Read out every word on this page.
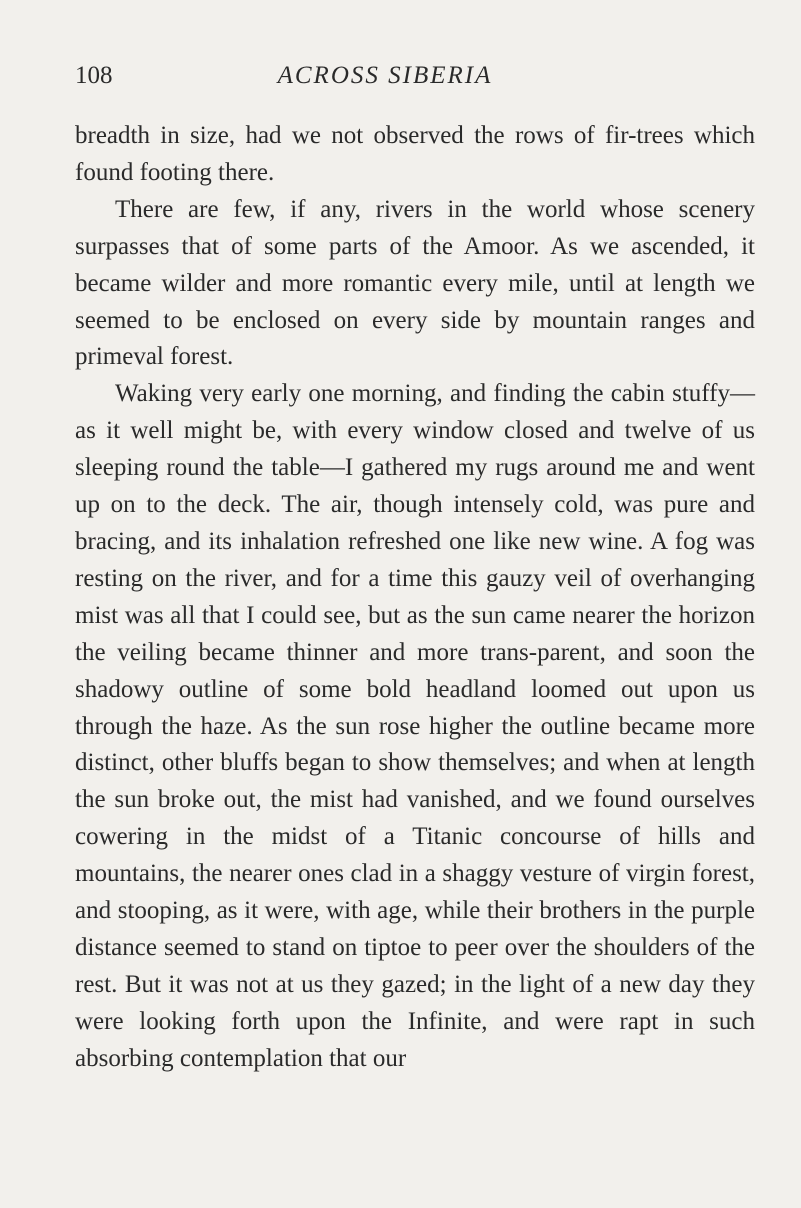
108	ACROSS SIBERIA

breadth in size, had we not observed the rows of fir-trees which found footing there.

There are few, if any, rivers in the world whose scenery surpasses that of some parts of the Amoor. As we ascended, it became wilder and more romantic every mile, until at length we seemed to be enclosed on every side by mountain ranges and primeval forest.

Waking very early one morning, and finding the cabin stuffy—as it well might be, with every window closed and twelve of us sleeping round the table—I gathered my rugs around me and went up on to the deck. The air, though intensely cold, was pure and bracing, and its inhalation refreshed one like new wine. A fog was resting on the river, and for a time this gauzy veil of overhanging mist was all that I could see, but as the sun came nearer the horizon the veiling became thinner and more trans-parent, and soon the shadowy outline of some bold headland loomed out upon us through the haze. As the sun rose higher the outline became more distinct, other bluffs began to show themselves; and when at length the sun broke out, the mist had vanished, and we found ourselves cowering in the midst of a Titanic concourse of hills and mountains, the nearer ones clad in a shaggy vesture of virgin forest, and stooping, as it were, with age, while their brothers in the purple distance seemed to stand on tiptoe to peer over the shoulders of the rest. But it was not at us they gazed; in the light of a new day they were looking forth upon the Infinite, and were rapt in such absorbing contemplation that our
